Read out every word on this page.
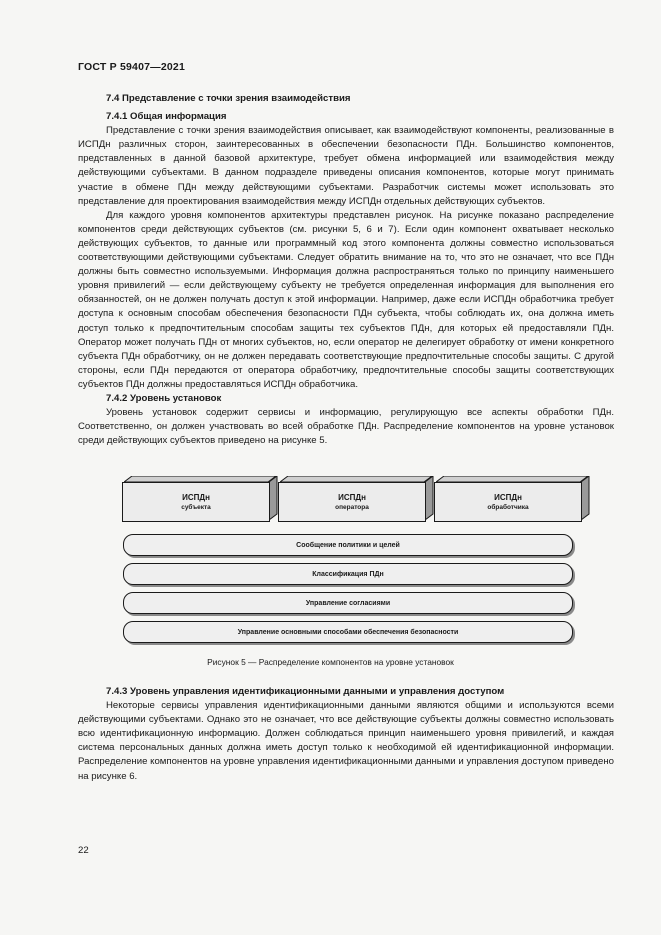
ГОСТ Р 59407—2021
7.4 Представление с точки зрения взаимодействия
7.4.1 Общая информация

Представление с точки зрения взаимодействия описывает, как взаимодействуют компоненты, реализованные в ИСПДн различных сторон, заинтересованных в обеспечении безопасности ПДн. Большинство компонентов, представленных в данной базовой архитектуре, требует обмена информацией или взаимодействия между действующими субъектами. В данном подразделе приведены описания компонентов, которые могут принимать участие в обмене ПДн между действующими субъектами. Разработчик системы может использовать это представление для проектирования взаимодействия между ИСПДн отдельных действующих субъектов.

Для каждого уровня компонентов архитектуры представлен рисунок. На рисунке показано распределение компонентов среди действующих субъектов (см. рисунки 5, 6 и 7). Если один компонент охватывает несколько действующих субъектов, то данные или программный код этого компонента должны совместно использоваться соответствующими действующими субъектами. Следует обратить внимание на то, что это не означает, что все ПДн должны быть совместно используемыми. Информация должна распространяться только по принципу наименьшего уровня привилегий — если действующему субъекту не требуется определенная информация для выполнения его обязанностей, он не должен получать доступ к этой информации. Например, даже если ИСПДн обработчика требует доступа к основным способам обеспечения безопасности ПДн субъекта, чтобы соблюдать их, она должна иметь доступ только к предпочтительным способам защиты тех субъектов ПДн, для которых ей предоставляли ПДн. Оператор может получать ПДн от многих субъектов, но, если оператор не делегирует обработку от имени конкретного субъекта ПДн обработчику, он не должен передавать соответствующие предпочтительные способы защиты. С другой стороны, если ПДн передаются от оператора обработчику, предпочтительные способы защиты соответствующих субъектов ПДн должны предоставляться ИСПДн обработчика.

7.4.2 Уровень установок

Уровень установок содержит сервисы и информацию, регулирующую все аспекты обработки ПДн. Соответственно, он должен участвовать во всей обработке ПДн. Распределение компонентов на уровне установок среди действующих субъектов приведено на рисунке 5.

ИСПДн
субъекта
ИСПДн
оператора
ИСПДн
обработчика
Сообщение политики и целей
Классификация ПДн
Управление согласиями
Управление основными способами обеспечения безопасности
Рисунок 5 — Распределение компонентов на уровне установок
7.4.3 Уровень управления идентификационными данными и управления доступом

Некоторые сервисы управления идентификационными данными являются общими и используются всеми действующими субъектами. Однако это не означает, что все действующие субъекты должны совместно использовать всю идентификационную информацию. Должен соблюдаться принцип наименьшего уровня привилегий, и каждая система персональных данных должна иметь доступ только к необходимой ей идентификационной информации. Распределение компонентов на уровне управления идентификационными данными и управления доступом приведено на рисунке 6.

22
